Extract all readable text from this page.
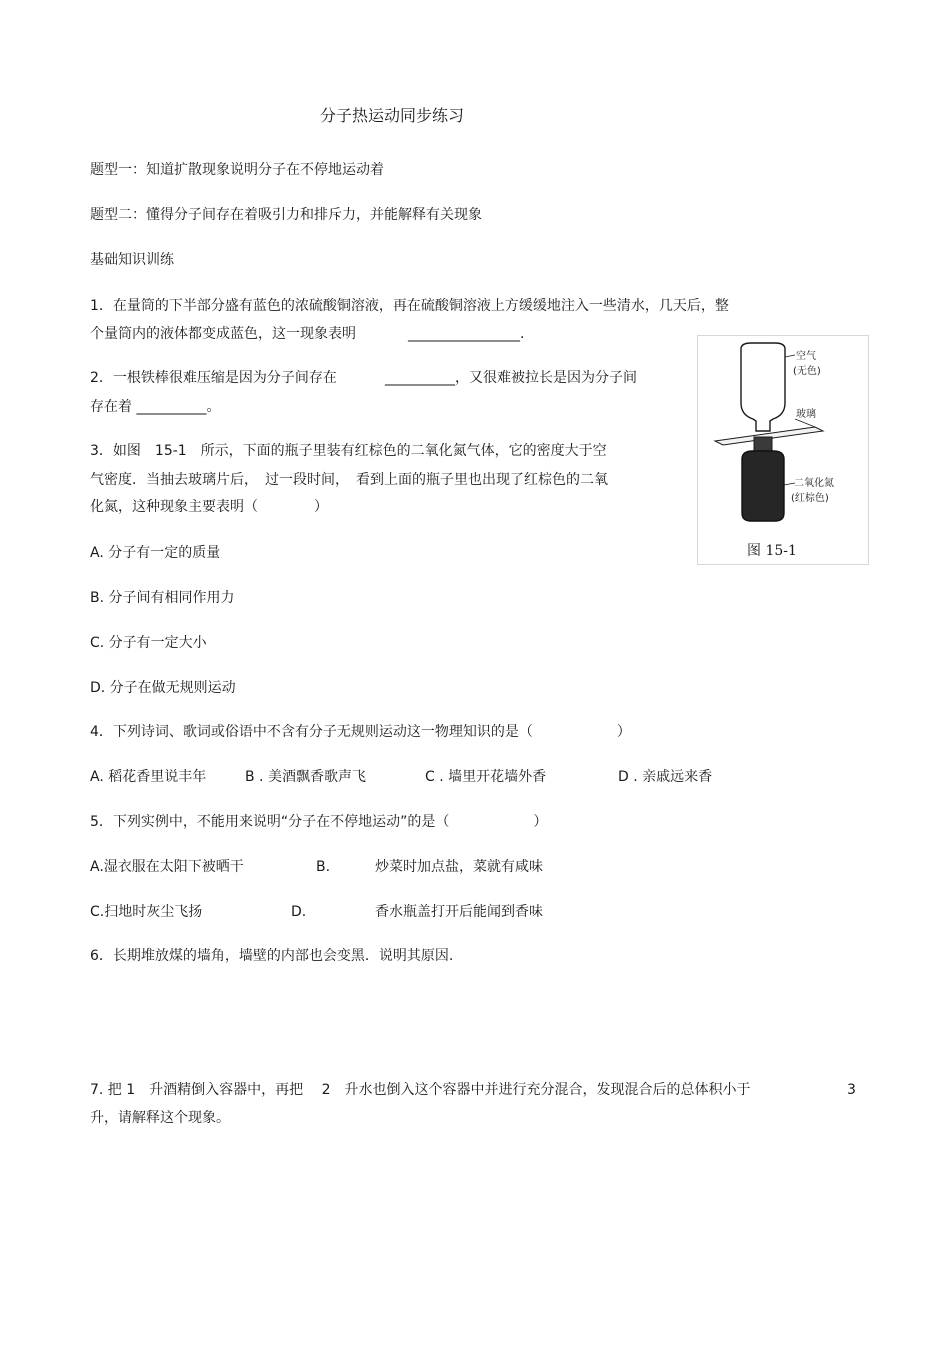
分子热运动同步练习
题型一：知道扩散现象说明分子在不停地运动着
题型二：懂得分子间存在着吸引力和排斥力，并能解释有关现象
基础知识训练
1．在量筒的下半部分盛有蓝色的浓硫酸铜溶液，再在硫酸铜溶液上方缓缓地注入一些清水，几天后，整
个量筒内的液体都变成蓝色，这一现象表明	________________.
2．一根铁棒很难压缩是因为分子间存在	__________，又很难被拉长是因为分子间
存在着 __________。
3．如图　15-1　所示，下面的瓶子里装有红棕色的二氧化氮气体，它的密度大于空
气密度．当抽去玻璃片后，　过一段时间，　看到上面的瓶子里也出现了红棕色的二氧
化氮，这种现象主要表明（　　　　）
A. 分子有一定的质量
B. 分子间有相同作用力
C. 分子有一定大小
D. 分子在做无规则运动
空气
(无色)
玻璃
二氧化氮
(红棕色)
图 15-1
4．下列诗词、歌词或俗语中不含有分子无规则运动这一物理知识的是（　　　　　　）
A. 稻花香里说丰年	B . 美酒飘香歌声飞	C . 墙里开花墙外香	D . 亲戚远来香
5．下列实例中，不能用来说明“分子在不停地运动”的是（　　　　　　）
A.湿衣服在太阳下被晒干	B.	炒菜时加点盐，菜就有咸味
C.扫地时灰尘飞扬	D.	香水瓶盖打开后能闻到香味
6．长期堆放煤的墙角，墙壁的内部也会变黑．说明其原因.
7. 把 1　升酒精倒入容器中，再把　 2　升水也倒入这个容器中并进行充分混合，发现混合后的总体积小于	3
升，请解释这个现象。
